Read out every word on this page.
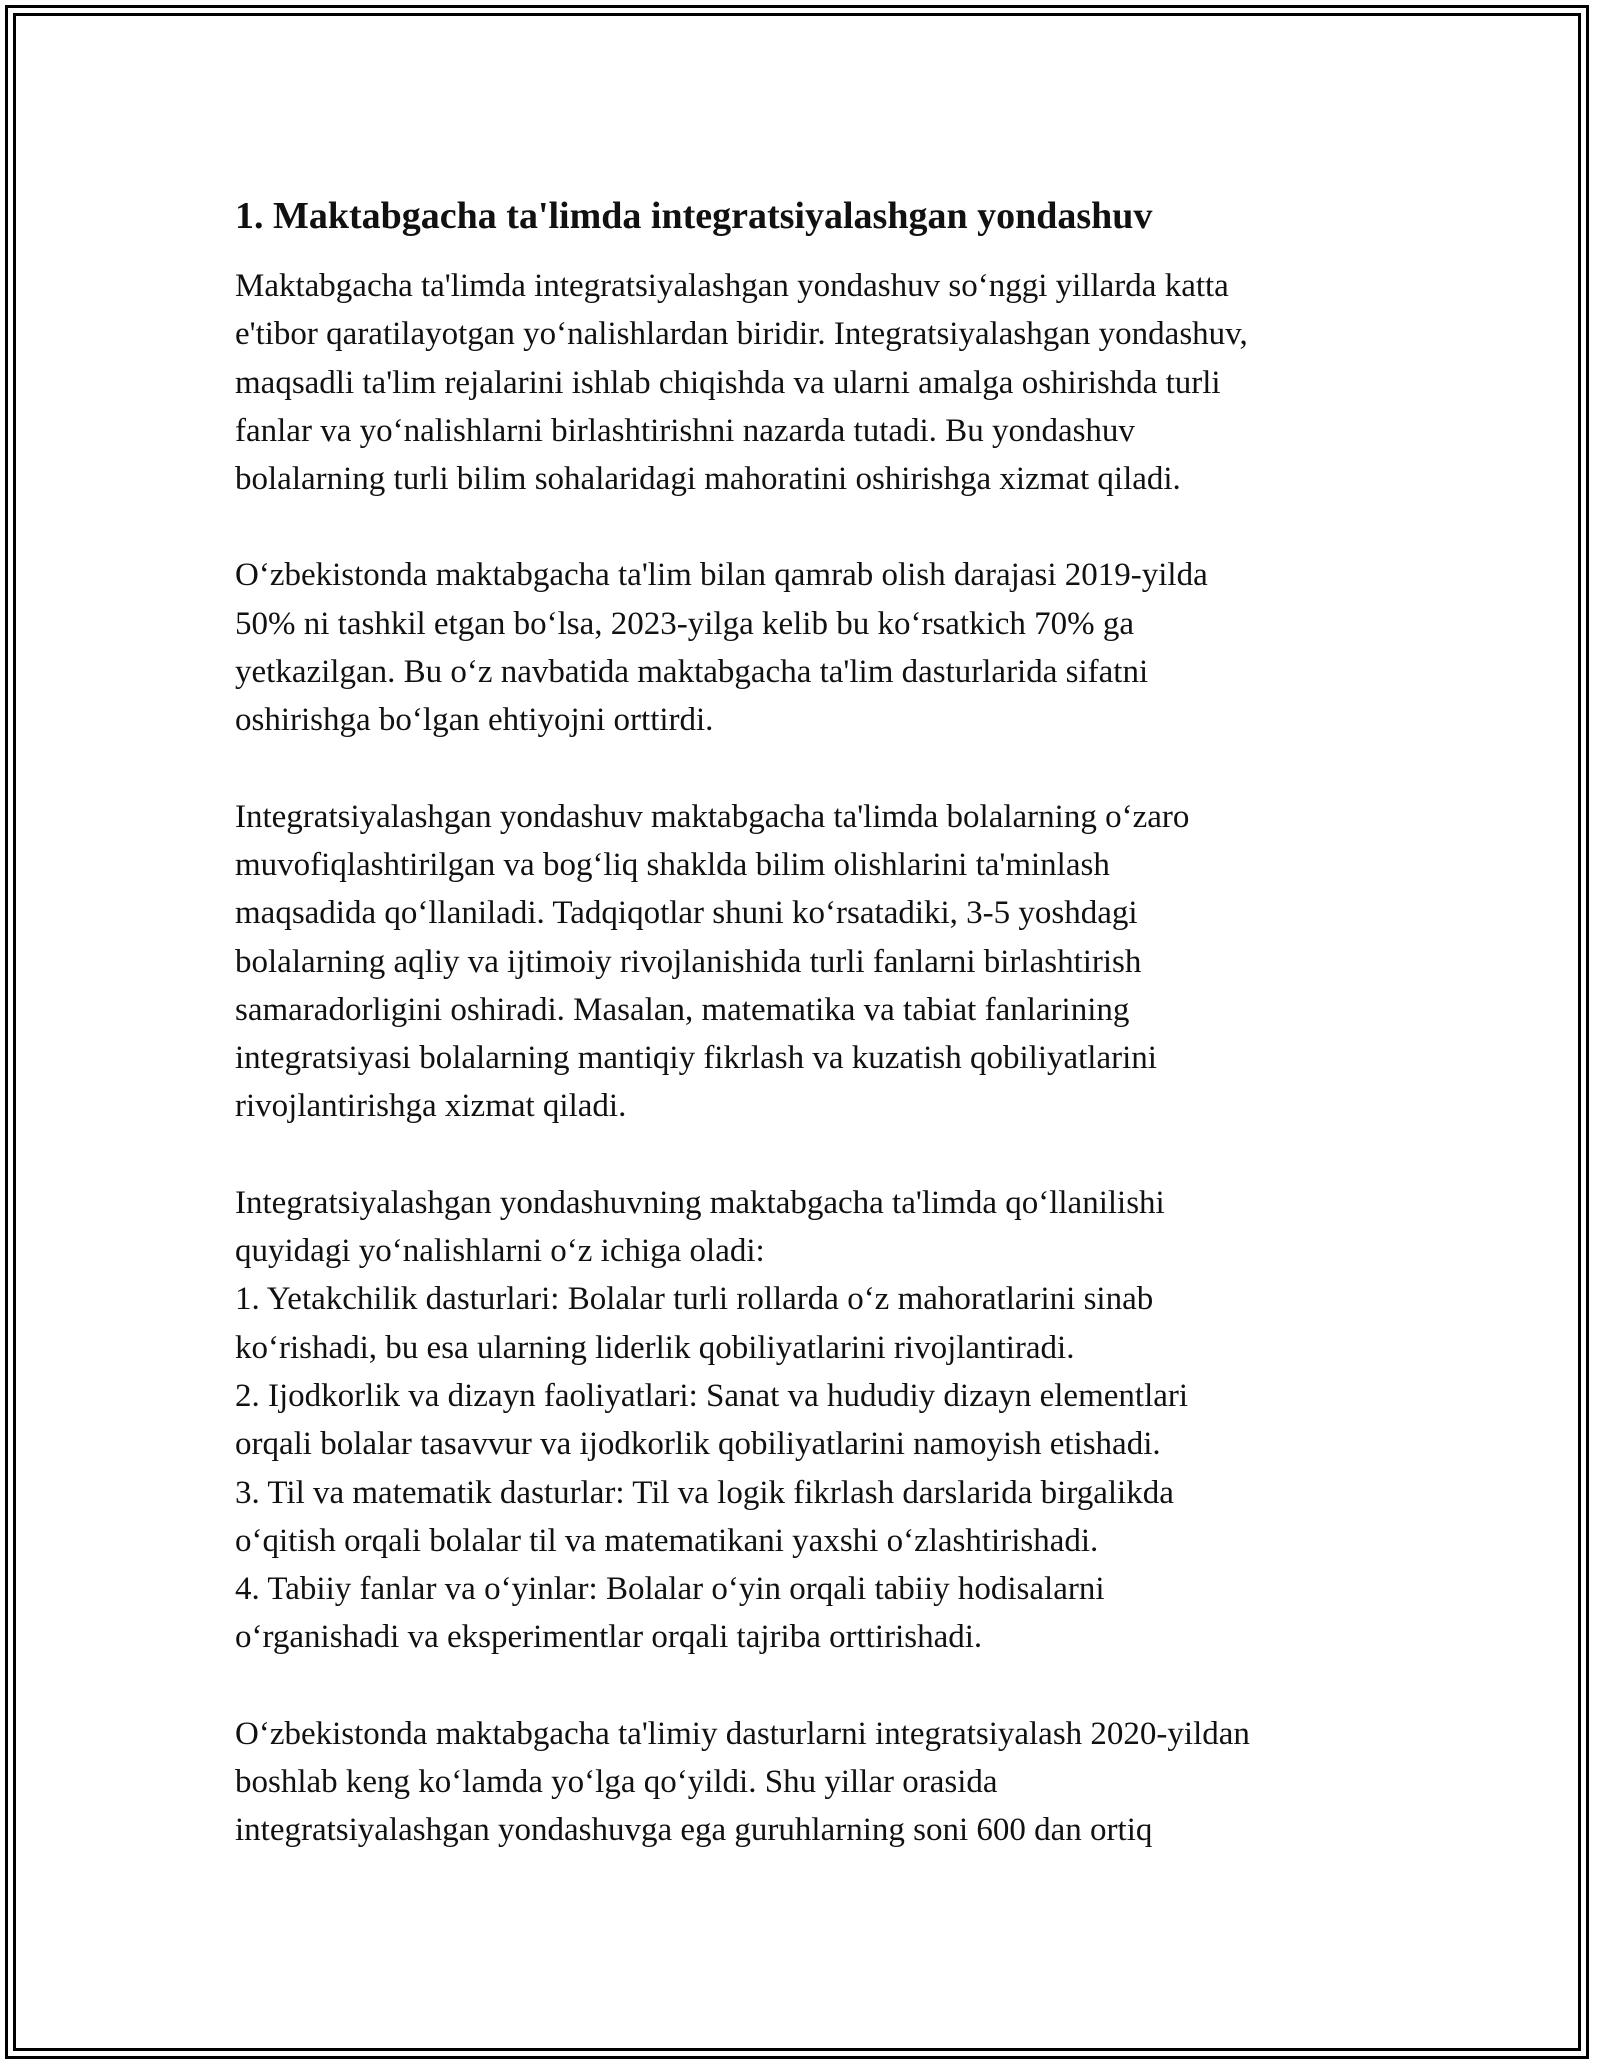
1. Maktabgacha ta'limda integratsiyalashgan yondashuv
Maktabgacha ta'limda integratsiyalashgan yondashuv so‘nggi yillarda katta
e'tibor qaratilayotgan yo‘nalishlardan biridir. Integratsiyalashgan yondashuv,
maqsadli ta'lim rejalarini ishlab chiqishda va ularni amalga oshirishda turli
fanlar va yo‘nalishlarni birlashtirishni nazarda tutadi. Bu yondashuv
bolalarning turli bilim sohalaridagi mahoratini oshirishga xizmat qiladi.
O‘zbekistonda maktabgacha ta'lim bilan qamrab olish darajasi 2019-yilda
50% ni tashkil etgan bo‘lsa, 2023-yilga kelib bu ko‘rsatkich 70% ga
yetkazilgan. Bu o‘z navbatida maktabgacha ta'lim dasturlarida sifatni
oshirishga bo‘lgan ehtiyojni orttirdi.
Integratsiyalashgan yondashuv maktabgacha ta'limda bolalarning o‘zaro
muvofiqlashtirilgan va bog‘liq shaklda bilim olishlarini ta'minlash
maqsadida qo‘llaniladi. Tadqiqotlar shuni ko‘rsatadiki, 3-5 yoshdagi
bolalarning aqliy va ijtimoiy rivojlanishida turli fanlarni birlashtirish
samaradorligini oshiradi. Masalan, matematika va tabiat fanlarining
integratsiyasi bolalarning mantiqiy fikrlash va kuzatish qobiliyatlarini
rivojlantirishga xizmat qiladi.
Integratsiyalashgan yondashuvning maktabgacha ta'limda qo‘llanilishi
quyidagi yo‘nalishlarni o‘z ichiga oladi:
1. Yetakchilik dasturlari: Bolalar turli rollarda o‘z mahoratlarini sinab
ko‘rishadi, bu esa ularning liderlik qobiliyatlarini rivojlantiradi.
2. Ijodkorlik va dizayn faoliyatlari: Sanat va hududiy dizayn elementlari
orqali bolalar tasavvur va ijodkorlik qobiliyatlarini namoyish etishadi.
3. Til va matematik dasturlar: Til va logik fikrlash darslarida birgalikda
o‘qitish orqali bolalar til va matematikani yaxshi o‘zlashtirishadi.
4. Tabiiy fanlar va o‘yinlar: Bolalar o‘yin orqali tabiiy hodisalarni
o‘rganishadi va eksperimentlar orqali tajriba orttirishadi.
O‘zbekistonda maktabgacha ta'limiy dasturlarni integratsiyalash 2020-yildan
boshlab keng ko‘lamda yo‘lga qo‘yildi. Shu yillar orasida
integratsiyalashgan yondashuvga ega guruhlarning soni 600 dan ortiq
